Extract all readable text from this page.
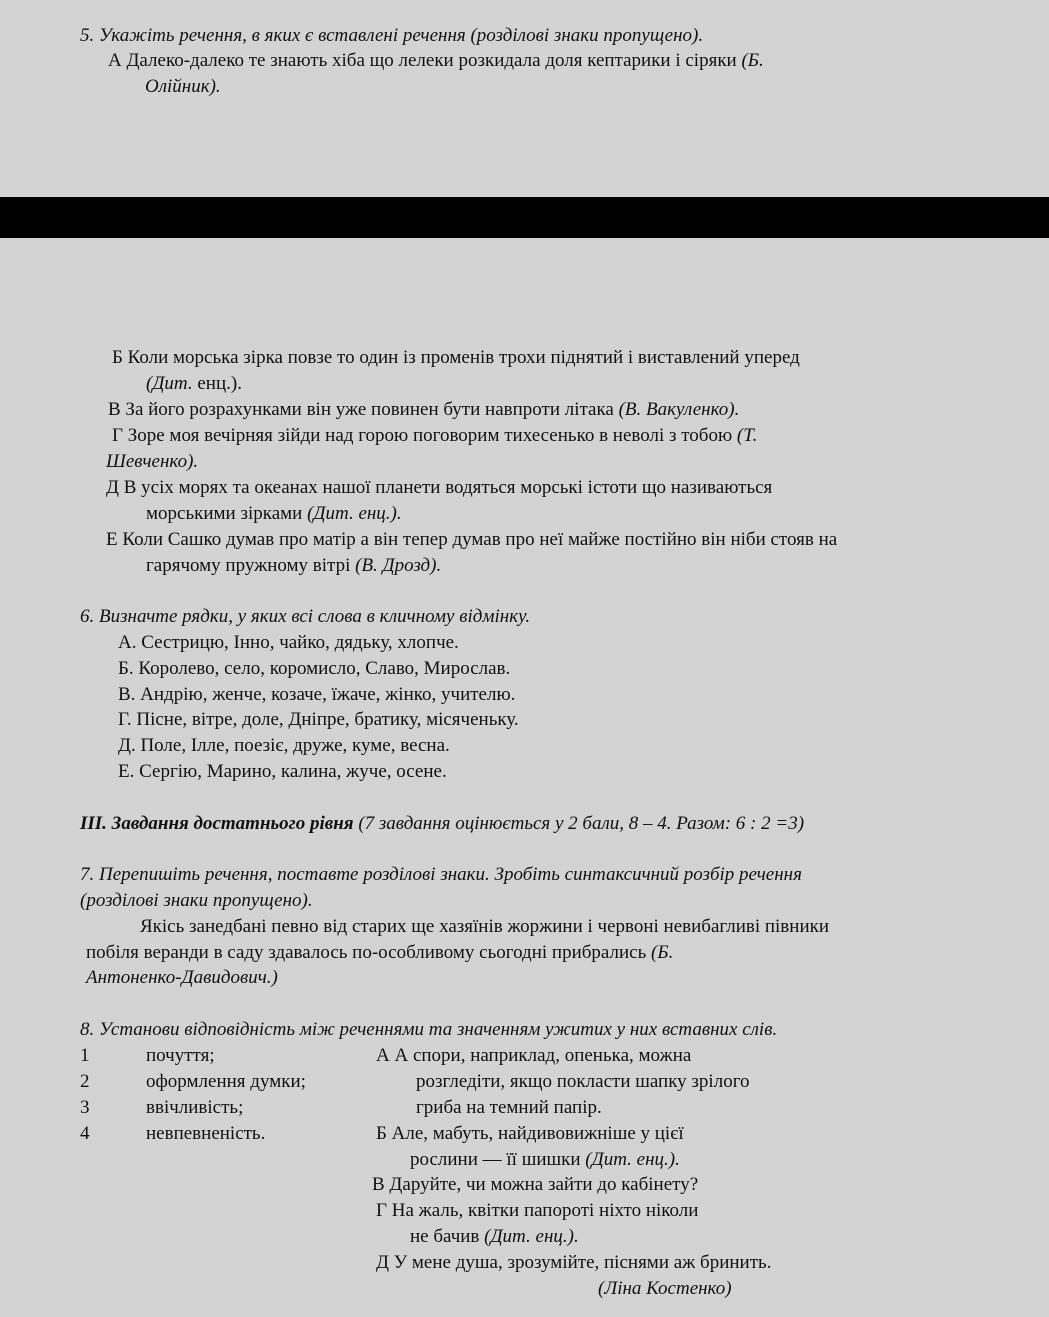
5. Укажіть речення, в яких є вставлені речення (розділові знаки пропущено).
А Далеко-далеко те знають хіба що лелеки розкидала доля кептарики і сіряки (Б.
Олійник).
Б Коли морська зірка повзе то один із променів трохи піднятий і виставлений уперед
(Дит. енц.).
В За його розрахунками він уже повинен бути навпроти літака (В. Вакуленко).
Г Зоре моя вечірняя зійди над горою поговорим тихесенько в неволі з тобою (Т.
Шевченко).
Д В усіх морях та океанах нашої планети водяться морські істоти що називаються
морськими зірками (Дит. енц.).
Е Коли Сашко думав про матір а він тепер думав про неї майже постійно він ніби стояв на
гарячому пружному вітрі (В. Дрозд).
6. Визначте рядки, у яких всі слова в кличному відмінку.
А. Сестрицю, Інно, чайко, дядьку, хлопче.
Б. Королево, село, коромисло, Славо, Мирослав.
В. Андрію, женче, козаче, їжаче, жінко, учителю.
Г. Пісне, вітре, доле, Дніпре, братику, місяченьку.
Д. Поле, Ілле, поезіє, друже, куме, весна.
Е. Сергію, Марино, калина, жуче, осене.
ІІІ. Завдання достатнього рівня (7 завдання оцінюється у 2 бали, 8 – 4. Разом: 6 : 2 =3)
7. Перепишіть речення, поставте розділові знаки. Зробіть синтаксичний розбір речення
(розділові знаки пропущено).
Якісь занедбані певно від старих ще хазяїнів жоржини і червоні невибагливі півники
побіля веранди в саду здавалось по-особливому сьогодні прибрались (Б.
Антоненко-Давидович.)
8. Установи відповідність між реченнями та значенням ужитих у них вставних слів.
1	почуття;
2	оформлення думки;
3	ввічливість;
4	невпевненість.
А А спори, наприклад, опенька, можна
розгледіти, якщо покласти шапку зрілого
гриба на темний папір.
Б Але, мабуть, найдивовижніше у цієї
рослини — її шишки (Дит. енц.).
В Даруйте, чи можна зайти до кабінету?
Г На жаль, квітки папороті ніхто ніколи
не бачив (Дит. енц.).
Д У мене душа, зрозумійте, піснями аж бринить.
(Ліна Костенко)
